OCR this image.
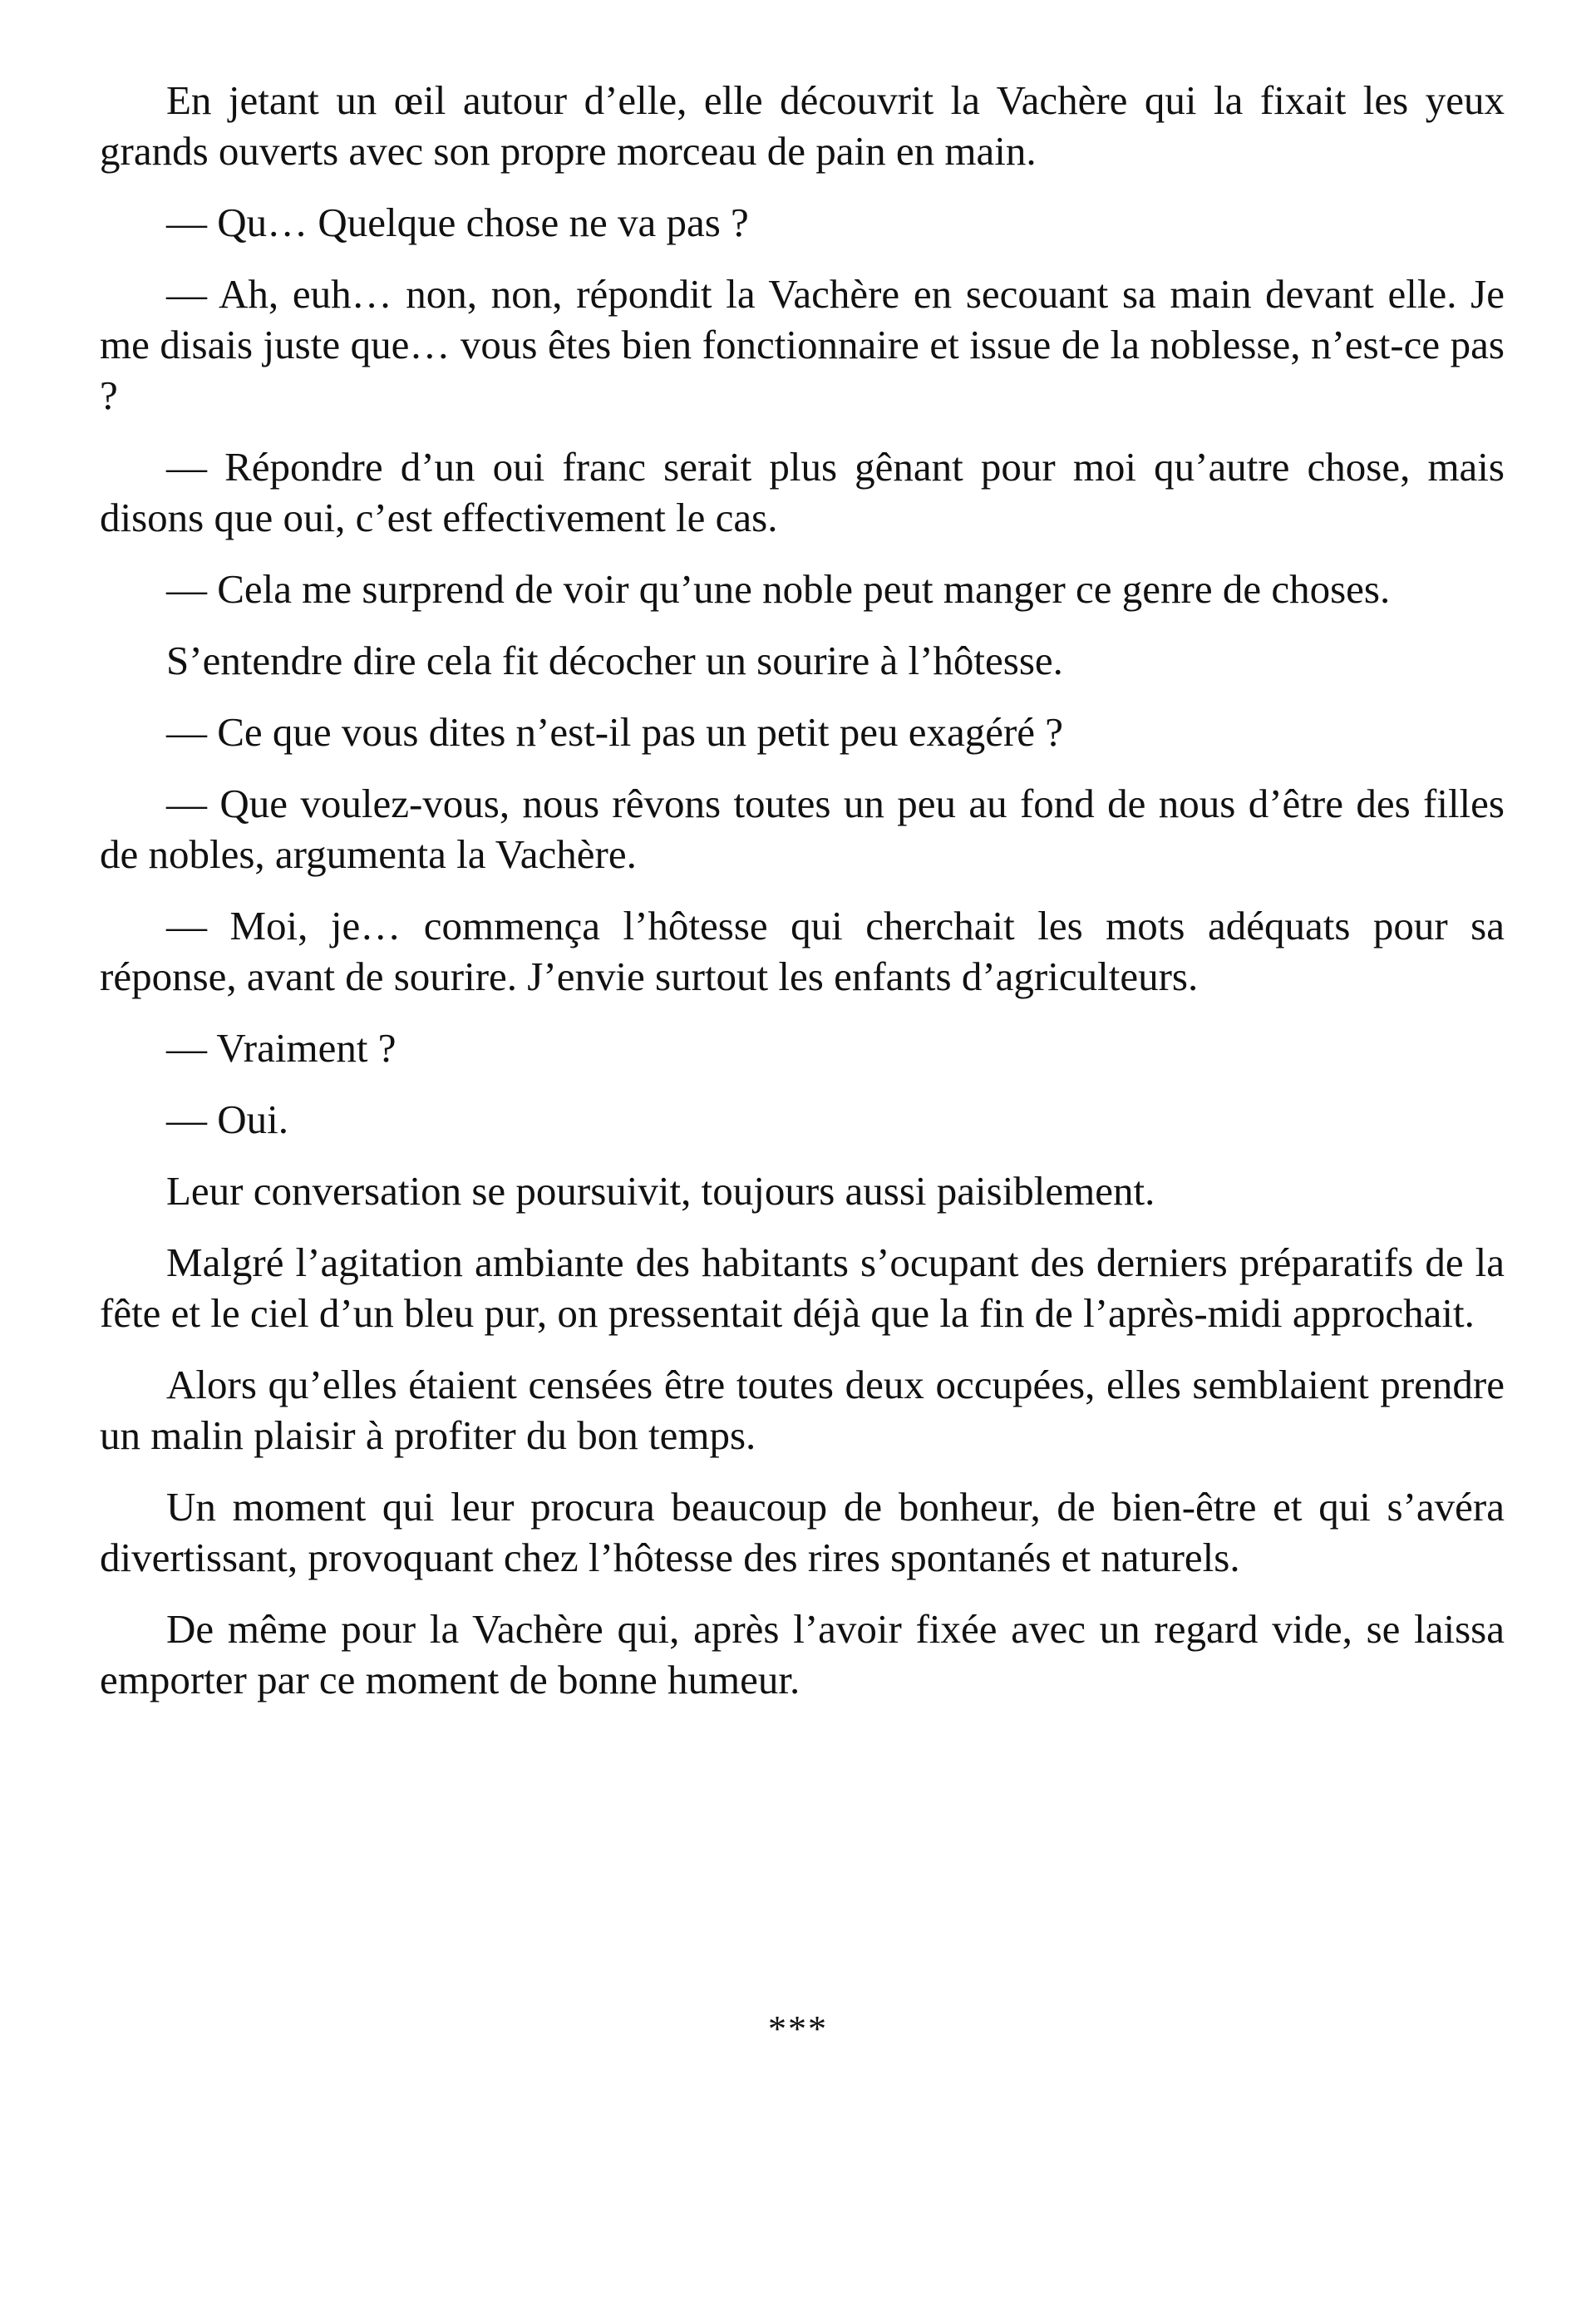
En jetant un œil autour d’elle, elle découvrit la Vachère qui la fixait les yeux grands ouverts avec son propre morceau de pain en main.

— Qu… Quelque chose ne va pas ?

— Ah, euh… non, non, répondit la Vachère en secouant sa main devant elle. Je me disais juste que… vous êtes bien fonctionnaire et issue de la noblesse, n’est-ce pas ?

— Répondre d’un oui franc serait plus gênant pour moi qu’autre chose, mais disons que oui, c’est effectivement le cas.

— Cela me surprend de voir qu’une noble peut manger ce genre de choses.

S’entendre dire cela fit décocher un sourire à l’hôtesse.

— Ce que vous dites n’est-il pas un petit peu exagéré ?

— Que voulez-vous, nous rêvons toutes un peu au fond de nous d’être des filles de nobles, argumenta la Vachère.

— Moi, je… commença l’hôtesse qui cherchait les mots adéquats pour sa réponse, avant de sourire. J’envie surtout les enfants d’agriculteurs.

— Vraiment ?

— Oui.

Leur conversation se poursuivit, toujours aussi paisiblement.

Malgré l’agitation ambiante des habitants s’ocupant des derniers préparatifs de la fête et le ciel d’un bleu pur, on pressentait déjà que la fin de l’après-midi approchait.

Alors qu’elles étaient censées être toutes deux occupées, elles semblaient prendre un malin plaisir à profiter du bon temps.

Un moment qui leur procura beaucoup de bonheur, de bien-être et qui s’avéra divertissant, provoquant chez l’hôtesse des rires spontanés et naturels.

De même pour la Vachère qui, après l’avoir fixée avec un regard vide, se laissa emporter par ce moment de bonne humeur.

***
